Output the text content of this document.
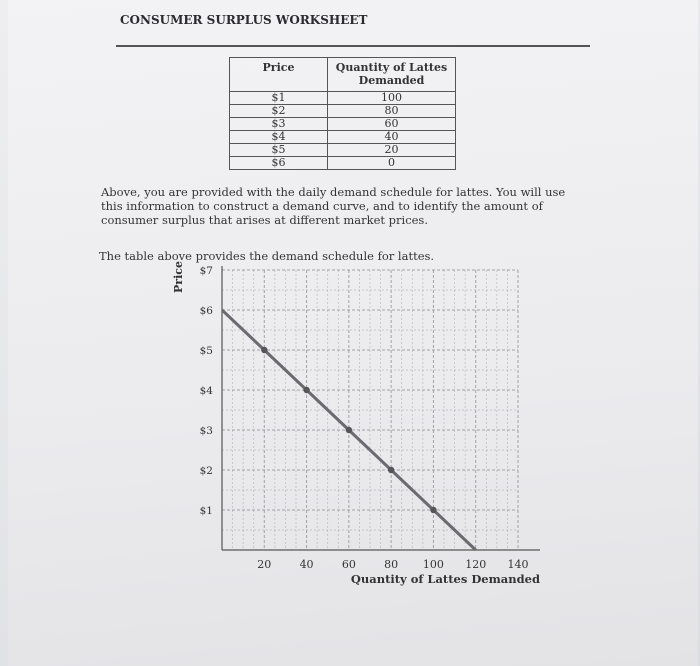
CONSUMER SURPLUS WORKSHEET
Price	Quantity of Lattes Demanded
$1	100
$2	80
$3	60
$4	40
$5	20
$6	0
Above, you are provided with the daily demand schedule for lattes. You will use this information to construct a demand curve, and to identify the amount of consumer surplus that arises at different market prices.
The table above provides the demand schedule for lattes.
20	40	60	80 100 120 140
$1
$2
$3
$4
$5
$6
$7
Quantity of Lattes Demanded
Price
